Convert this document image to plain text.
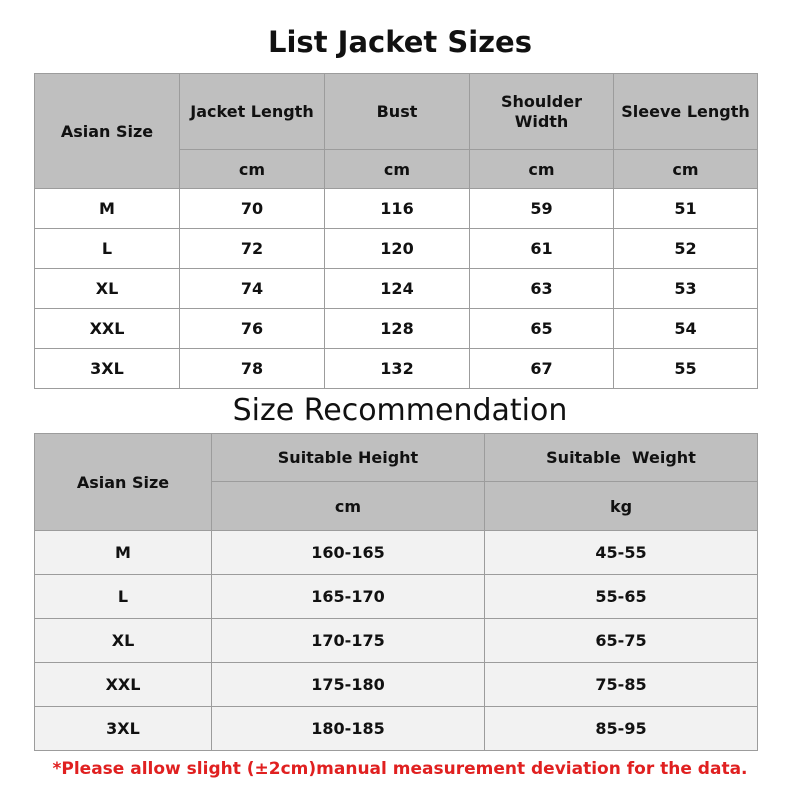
List Jacket Sizes
Asian Size	Jacket Length	Bust	Shoulder Width	Sleeve Length
	cm	cm	cm	cm
M	70	116	59	51
L	72	120	61	52
XL	74	124	63	53
XXL	76	128	65	54
3XL	78	132	67	55
Size Recommendation
Asian Size	Suitable Height	Suitable  Weight
	cm	kg
M	160-165	45-55
L	165-170	55-65
XL	170-175	65-75
XXL	175-180	75-85
3XL	180-185	85-95

*Please allow slight (±2cm)manual measurement deviation for the data.
